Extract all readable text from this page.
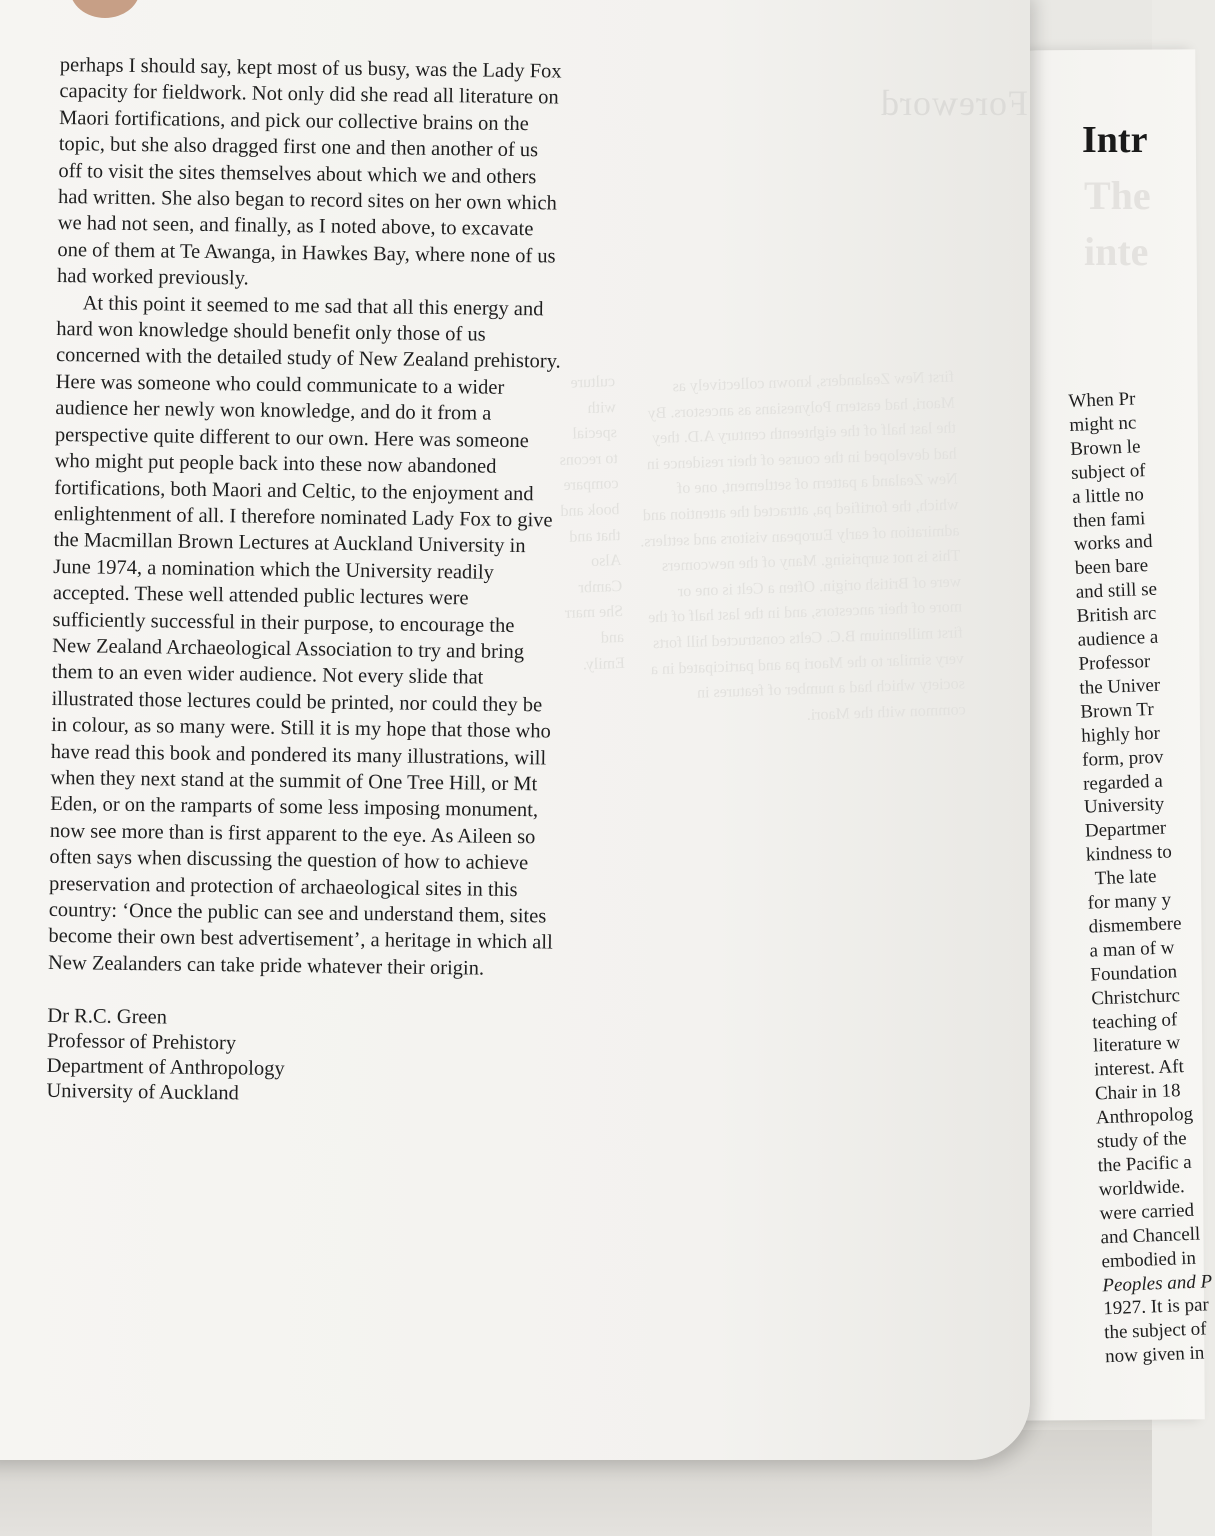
Foreword
first New Zealanders, known collectively as Maori, had eastern Polynesians as ancestors. By the last half of the eighteenth century A.D. they had developed in the course of their residence in New Zealand a pattern of settlement, one of which, the fortified pa, attracted the attention and admiration of early European visitors and settlers. This is not surprising. Many of the newcomers were of British origin. Often a Celt is one or more of their ancestors, and in the last half of the first millennium B.C. Celts constructed hill forts very similar to the Maori pa and participated in a society which had a number of features in common with the Maori.
culture with special to recons compare book and that and Also Cambr She marr and Emily.

perhaps I should say, kept most of us busy, was the Lady Fox capacity for fieldwork. Not only did she read all literature on Maori fortifications, and pick our collective brains on the topic, but she also dragged first one and then another of us off to visit the sites themselves about which we and others had written. She also began to record sites on her own which we had not seen, and finally, as I noted above, to excavate one of them at Te Awanga, in Hawkes Bay, where none of us had worked previously.

At this point it seemed to me sad that all this energy and hard won knowledge should benefit only those of us concerned with the detailed study of New Zealand prehistory. Here was someone who could communicate to a wider audience her newly won knowledge, and do it from a perspective quite different to our own. Here was someone who might put people back into these now abandoned fortifications, both Maori and Celtic, to the enjoyment and enlightenment of all. I therefore nominated Lady Fox to give the Macmillan Brown Lectures at Auckland University in June 1974, a nomination which the University readily accepted. These well attended public lectures were sufficiently successful in their purpose, to encourage the New Zealand Archaeological Association to try and bring them to an even wider audience. Not every slide that illustrated those lectures could be printed, nor could they be in colour, as so many were. Still it is my hope that those who have read this book and pondered its many illustrations, will when they next stand at the summit of One Tree Hill, or Mt Eden, or on the ramparts of some less imposing monument, now see more than is first apparent to the eye. As Aileen so often says when discussing the question of how to achieve preservation and protection of archaeological sites in this country: ‘Once the public can see and understand them, sites become their own best advertisement’, a heritage in which all New Zealanders can take pride whatever their origin.

Dr R.C. Green
Professor of Prehistory
Department of Anthropology
University of Auckland
Intr
The
inte
When Pr
might nc
Brown le
subject of
a little no
then fami
works and
been bare
and still se
British arc
audience a
Professor
the Univer
Brown Tr
highly hor
form, prov
regarded a
University
Departmer
kindness to
The late
for many y
dismembere
a man of w
Foundation
Christchurc
teaching of
literature w
interest. Aft
Chair in 18
Anthropolog
study of the
the Pacific a
worldwide.
were carried
and Chancell
embodied in
Peoples and P
1927. It is par
the subject of
now given in
